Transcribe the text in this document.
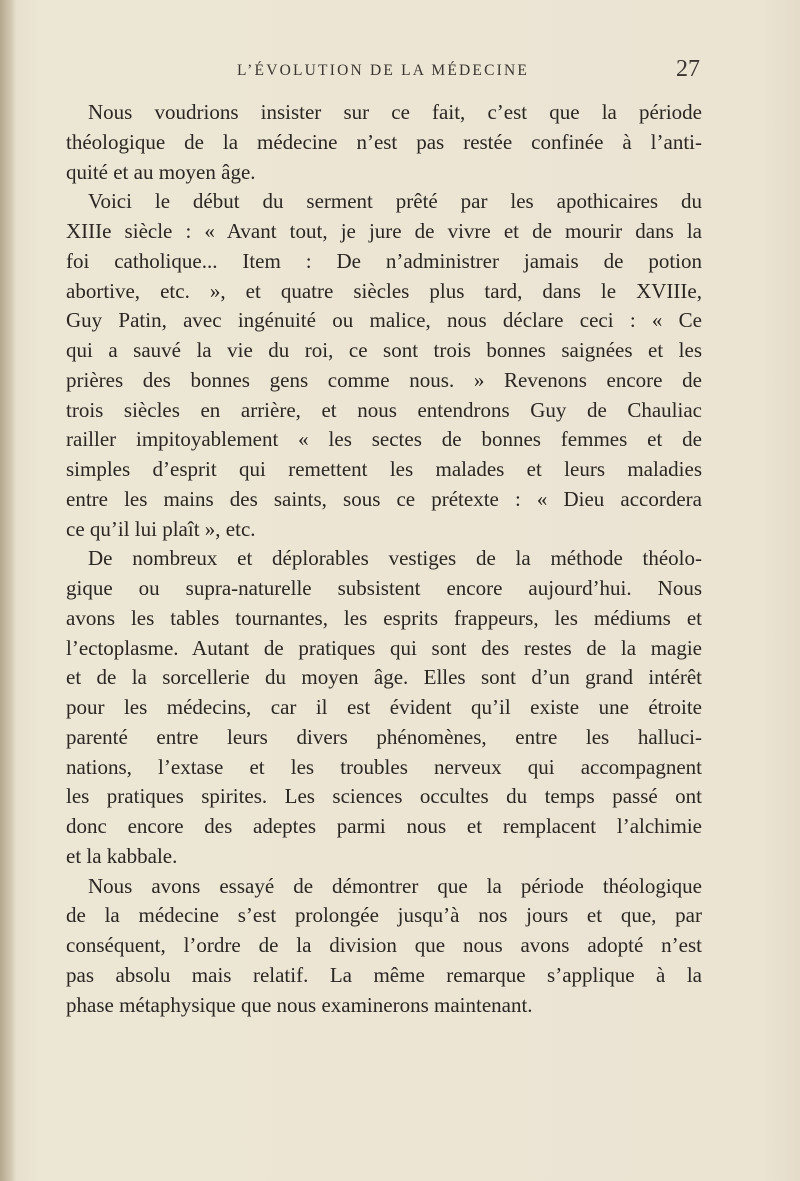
L’ÉVOLUTION DE LA MÉDECINE	27
Nous voudrions insister sur ce fait, c’est que la période
théologique de la médecine n’est pas restée confinée à l’anti-
quité et au moyen âge.
Voici le début du serment prêté par les apothicaires du
XIIIe siècle : « Avant tout, je jure de vivre et de mourir dans la
foi catholique... Item : De n’administrer jamais de potion
abortive, etc. », et quatre siècles plus tard, dans le XVIIIe,
Guy Patin, avec ingénuité ou malice, nous déclare ceci : « Ce
qui a sauvé la vie du roi, ce sont trois bonnes saignées et les
prières des bonnes gens comme nous. » Revenons encore de
trois siècles en arrière, et nous entendrons Guy de Chauliac
railler impitoyablement « les sectes de bonnes femmes et de
simples d’esprit qui remettent les malades et leurs maladies
entre les mains des saints, sous ce prétexte : « Dieu accordera
ce qu’il lui plaît », etc.
De nombreux et déplorables vestiges de la méthode théolo-
gique ou supra-naturelle subsistent encore aujourd’hui. Nous
avons les tables tournantes, les esprits frappeurs, les médiums et
l’ectoplasme. Autant de pratiques qui sont des restes de la magie
et de la sorcellerie du moyen âge. Elles sont d’un grand intérêt
pour les médecins, car il est évident qu’il existe une étroite
parenté entre leurs divers phénomènes, entre les halluci-
nations, l’extase et les troubles nerveux qui accompagnent
les pratiques spirites. Les sciences occultes du temps passé ont
donc encore des adeptes parmi nous et remplacent l’alchimie
et la kabbale.
Nous avons essayé de démontrer que la période théologique
de la médecine s’est prolongée jusqu’à nos jours et que, par
conséquent, l’ordre de la division que nous avons adopté n’est
pas absolu mais relatif. La même remarque s’applique à la
phase métaphysique que nous examinerons maintenant.
